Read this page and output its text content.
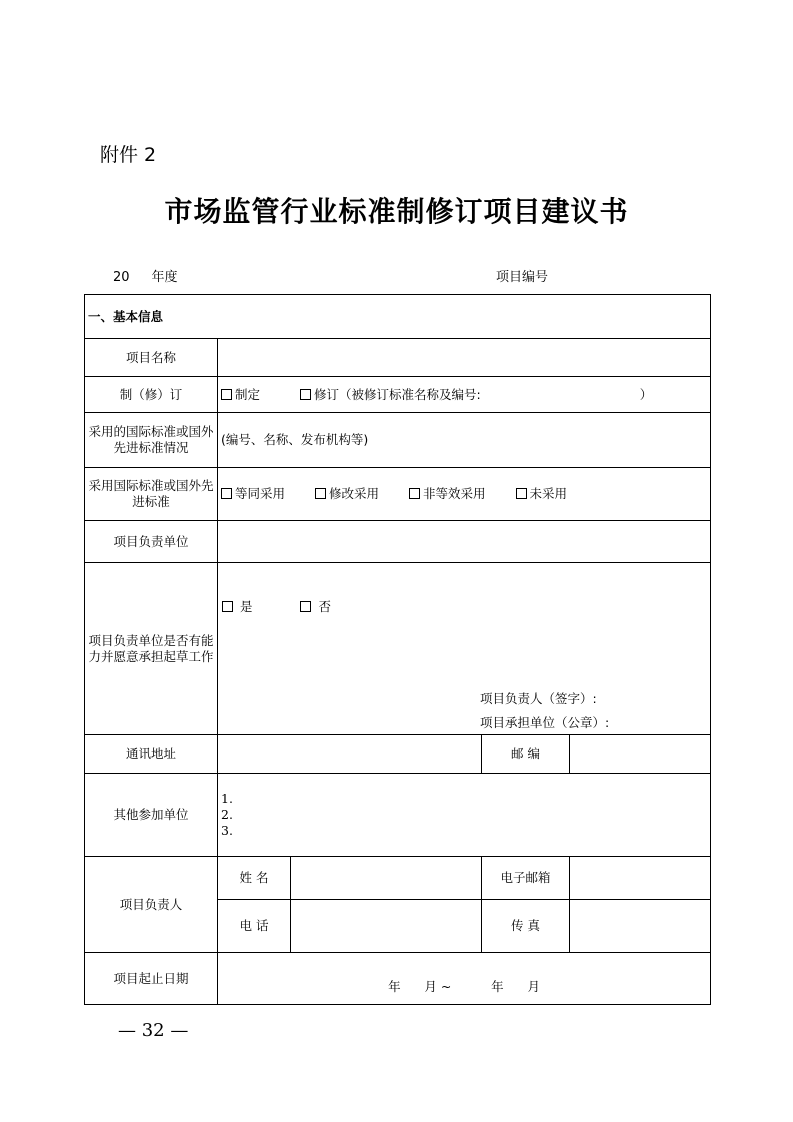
附件 2
市场监管行业标准制修订项目建议书
20 年度	项目编号
一、基本信息				
项目名称				
制（修）订	制定 修订（被修订标准名称及编号: ）			
采用的国际标准或国外先进标准情况	(编号、名称、发布机构等)			
采用国际标准或国外先进标准	等同采用 修改采用 非等效采用 未采用			
项目负责单位				
项目负责单位是否有能力并愿意承担起草工作	是 否
项目负责人（签字）:
项目承担单位（公章）:			

通讯地址			邮 编	
其他参加单位	1.
2.
3.			

项目负责人	姓 名		电子邮箱	
	电 话		传 真	
项目起止日期	年      月 ~          年      月			
— 32 —
